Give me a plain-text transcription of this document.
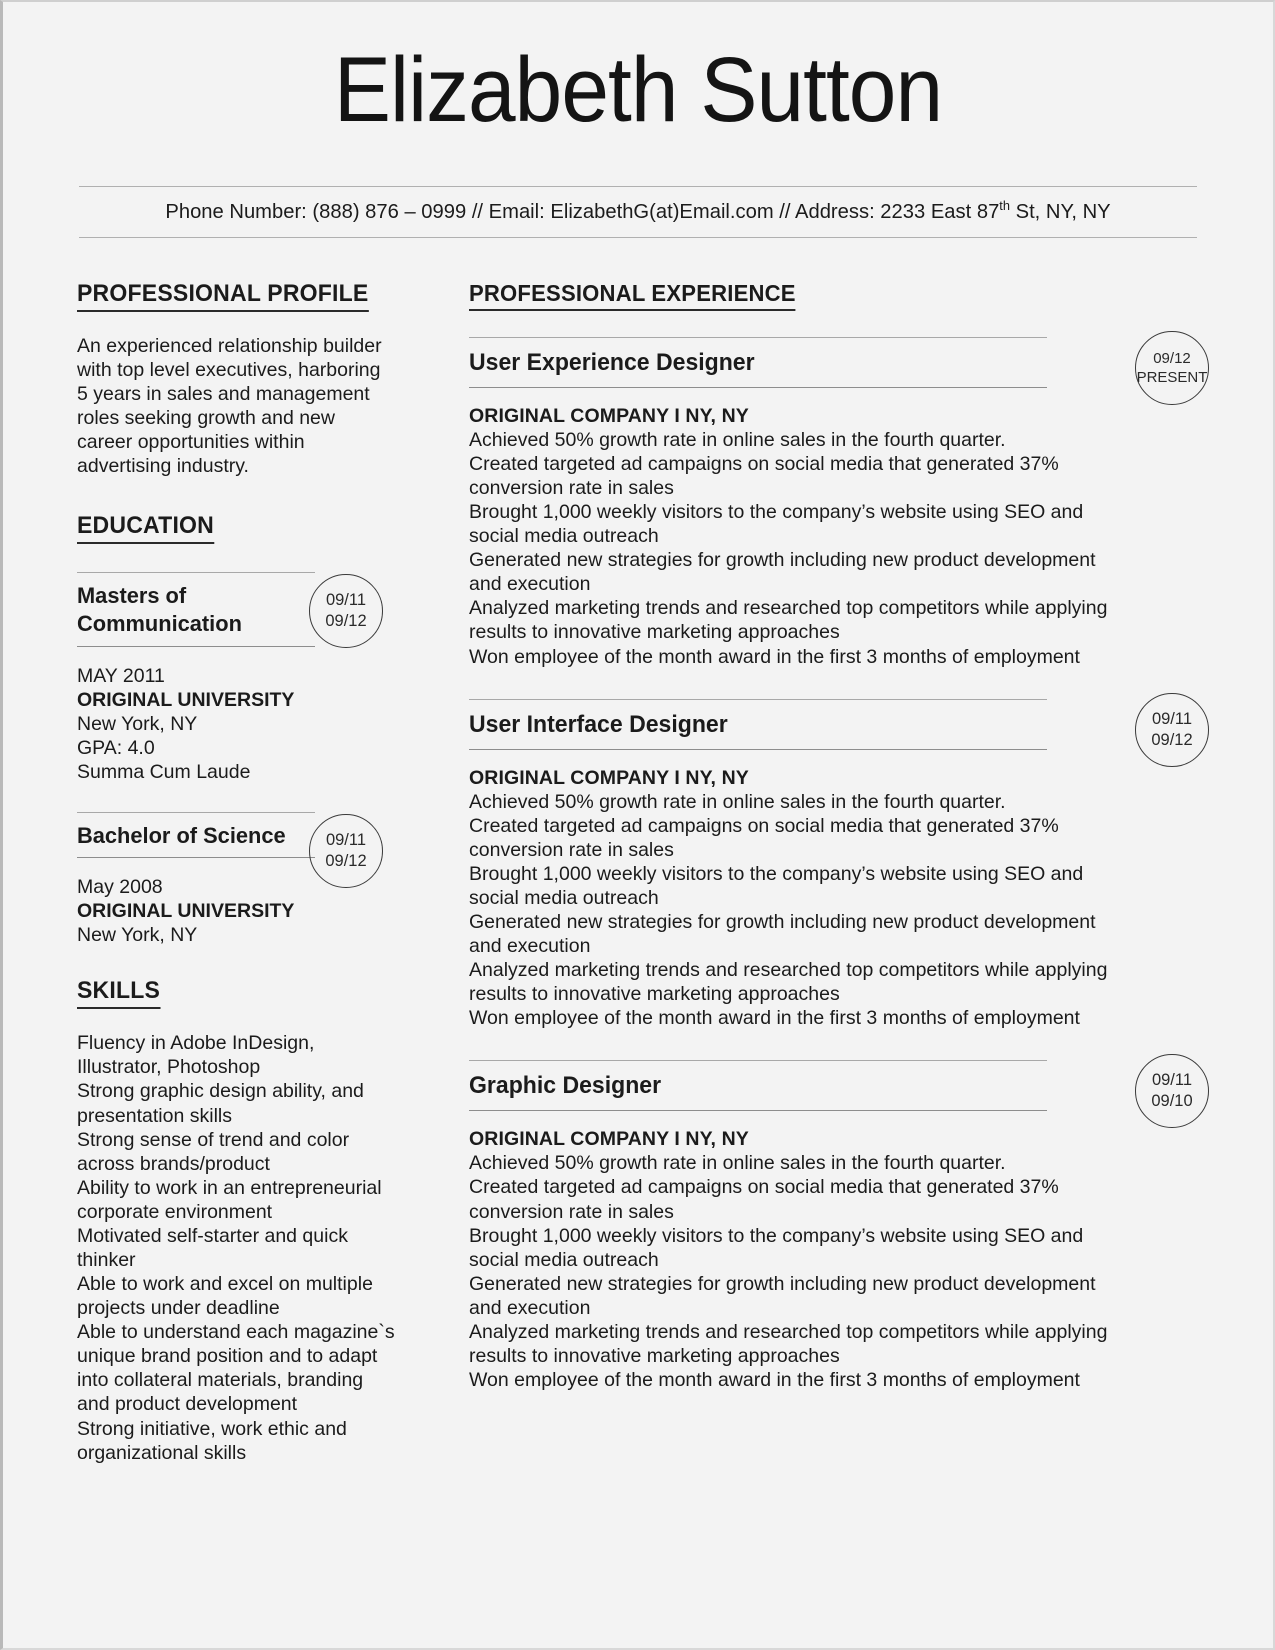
Elizabeth Sutton
Phone Number: (888) 876 – 0999 // Email: ElizabethG(at)Email.com // Address: 2233 East 87th St, NY, NY
PROFESSIONAL PROFILE
An experienced relationship builder
with top level executives, harboring
5 years in sales and management
roles seeking growth and new
career opportunities within
advertising industry.
EDUCATION
Masters of
Communication
09/11
09/12
MAY 2011
ORIGINAL UNIVERSITY
New York, NY
GPA: 4.0
Summa Cum Laude
Bachelor of Science	09/11
09/12
May 2008
ORIGINAL UNIVERSITY
New York, NY
SKILLS
Fluency in Adobe InDesign,
Illustrator, Photoshop
Strong graphic design ability, and
presentation skills
Strong sense of trend and color
across brands/product
Ability to work in an entrepreneurial
corporate environment
Motivated self-starter and quick
thinker
Able to work and excel on multiple
projects under deadline
Able to understand each magazine`s
unique brand position and to adapt
into collateral materials, branding
and product development
Strong initiative, work ethic and
organizational skills
PROFESSIONAL EXPERIENCE
User Experience Designer	09/12
PRESENT
ORIGINAL COMPANY I NY, NY
Achieved 50% growth rate in online sales in the fourth quarter.
Created targeted ad campaigns on social media that generated 37%
conversion rate in sales
Brought 1,000 weekly visitors to the company’s website using SEO and
social media outreach
Generated new strategies for growth including new product development
and execution
Analyzed marketing trends and researched top competitors while applying
results to innovative marketing approaches
Won employee of the month award in the first 3 months of employment
User Interface Designer	09/11
09/12
ORIGINAL COMPANY I NY, NY
Achieved 50% growth rate in online sales in the fourth quarter.
Created targeted ad campaigns on social media that generated 37%
conversion rate in sales
Brought 1,000 weekly visitors to the company’s website using SEO and
social media outreach
Generated new strategies for growth including new product development
and execution
Analyzed marketing trends and researched top competitors while applying
results to innovative marketing approaches
Won employee of the month award in the first 3 months of employment
Graphic Designer	09/11
09/10
ORIGINAL COMPANY I NY, NY
Achieved 50% growth rate in online sales in the fourth quarter.
Created targeted ad campaigns on social media that generated 37%
conversion rate in sales
Brought 1,000 weekly visitors to the company’s website using SEO and
social media outreach
Generated new strategies for growth including new product development
and execution
Analyzed marketing trends and researched top competitors while applying
results to innovative marketing approaches
Won employee of the month award in the first 3 months of employment
